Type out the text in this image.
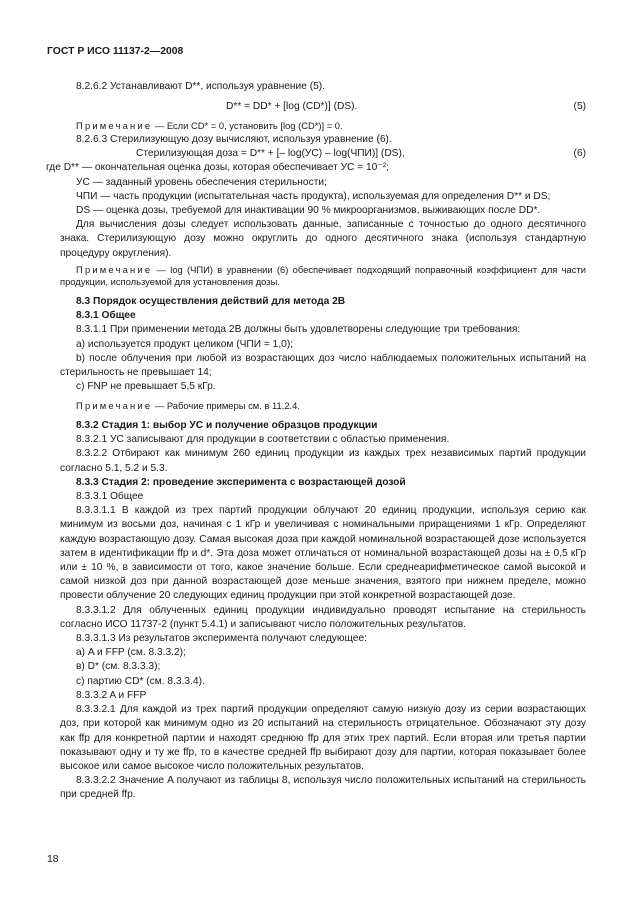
ГОСТ Р ИСО 11137-2—2008

8.2.6.2 Устанавливают D**, используя уравнение (5).

D** = DD* + [log (CD*)] (DS).	(5)

Примечание — Если CD* = 0, установить [log (CD*)] = 0.

8.2.6.3 Стерилизующую дозу вычисляют, используя уравнение (6).

Стерилизующая доза = D** + [– log(УС) – log(ЧПИ)] (DS),	(6)

где D** — окончательная оценка дозы, которая обеспечивает УС = 10⁻²;

УС — заданный уровень обеспечения стерильности;

ЧПИ — часть продукции (испытательная часть продукта), используемая для определения D** и DS;

DS — оценка дозы, требуемой для инактивации 90 % микроорганизмов, выживающих после DD*.

Для вычисления дозы следует использовать данные, записанные с точностью до одного десятичного знака. Стерилизующую дозу можно округлить до одного десятичного знака (используя стандартную процедуру округления).

Примечание — log (ЧПИ) в уравнении (6) обеспечивает подходящий поправочный коэффициент для части продукции, используемой для установления дозы.

8.3 Порядок осуществления действий для метода 2В

8.3.1 Общее

8.3.1.1 При применении метода 2В должны быть удовлетворены следующие три требования:

а) используется продукт целиком (ЧПИ = 1,0);

b) после облучения при любой из возрастающих доз число наблюдаемых положительных испытаний на стерильность не превышает 14;

с) FNP не превышает 5,5 кГр.

Примечание — Рабочие примеры см. в 11.2.4.

8.3.2 Стадия 1: выбор УС и получение образцов продукции

8.3.2.1 УС записывают для продукции в соответствии с областью применения.

8.3.2.2 Отбирают как минимум 260 единиц продукции из каждых трех независимых партий продукции согласно 5.1, 5.2 и 5.3.

8.3.3 Стадия 2: проведение эксперимента с возрастающей дозой

8.3.3.1 Общее

8.3.3.1.1 В каждой из трех партий продукции облучают 20 единиц продукции, используя серию как минимум из восьми доз, начиная с 1 кГр и увеличивая с номинальными приращениями 1 кГр. Определяют каждую возрастающую дозу. Самая высокая доза при каждой номинальной возрастающей дозе используется затем в идентификации ffp и d*. Эта доза может отличаться от номинальной возрастающей дозы на ± 0,5 кГр или ± 10 %, в зависимости от того, какое значение больше. Если среднеарифметическое самой высокой и самой низкой доз при данной возрастающей дозе меньше значения, взятого при нижнем пределе, можно провести облучение 20 следующих единиц продукции при этой конкретной возрастающей дозе.

8.3.3.1.2 Для облученных единиц продукции индивидуально проводят испытание на стерильность согласно ИСО 11737-2 (пункт 5.4.1) и записывают число положительных результатов.

8.3.3.1.3 Из результатов эксперимента получают следующее:

а) A и FFP (см. 8.3.3.2);

в) D* (см. 8.3.3.3);

с) партию CD* (см. 8.3.3.4).

8.3.3.2 A и FFP

8.3.3.2.1 Для каждой из трех партий продукции определяют самую низкую дозу из серии возрастающих доз, при которой как минимум одно из 20 испытаний на стерильность отрицательное. Обозначают эту дозу как ffp для конкретной партии и находят среднюю ffp для этих трех партий. Если вторая или третья партии показывают одну и ту же ffp, то в качестве средней ffp выбирают дозу для партии, которая показывает более высокое или самое высокое число положительных результатов.

8.3.3.2.2 Значение A получают из таблицы 8, используя число положительных испытаний на стерильность при средней ffp.

18
